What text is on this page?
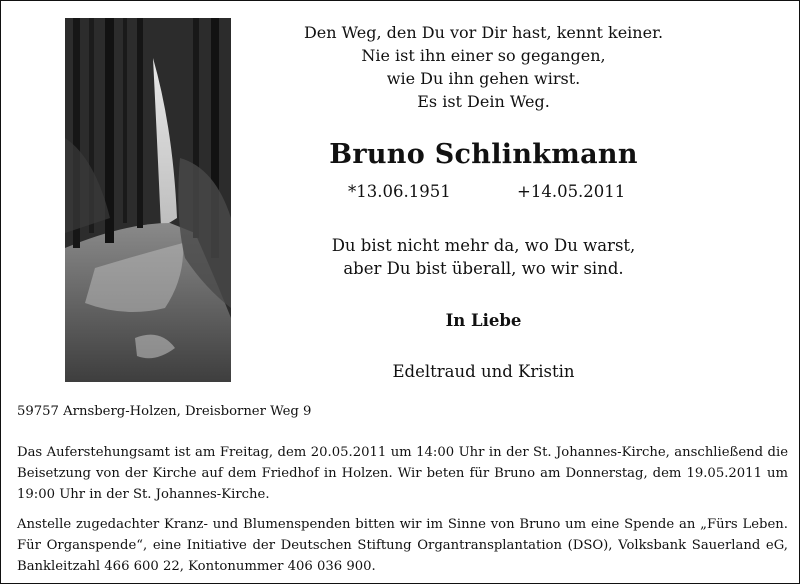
Den Weg, den Du vor Dir hast, kennt keiner.
Nie ist ihn einer so gegangen,
wie Du ihn gehen wirst.
Es ist Dein Weg.
Bruno Schlinkmann
*13.06.1951	+14.05.2011
Du bist nicht mehr da, wo Du warst,
aber Du bist überall, wo wir sind.
In Liebe
Edeltraud und Kristin
59757 Arnsberg-Holzen, Dreisborner Weg 9
Das Auferstehungsamt ist am Freitag, dem 20.05.2011 um 14:00 Uhr in der St. Johannes-Kirche, anschließend die Beisetzung von der Kirche auf dem Friedhof in Holzen. Wir beten für Bruno am Donnerstag, dem 19.05.2011 um 19:00 Uhr in der St. Johannes-Kirche.
Anstelle zugedachter Kranz- und Blumenspenden bitten wir im Sinne von Bruno um eine Spende an „Fürs Leben. Für Organspende“, eine Initiative der Deutschen Stiftung Organtransplantation (DSO), Volksbank Sauerland eG, Bankleitzahl 466 600 22, Kontonummer 406 036 900.
